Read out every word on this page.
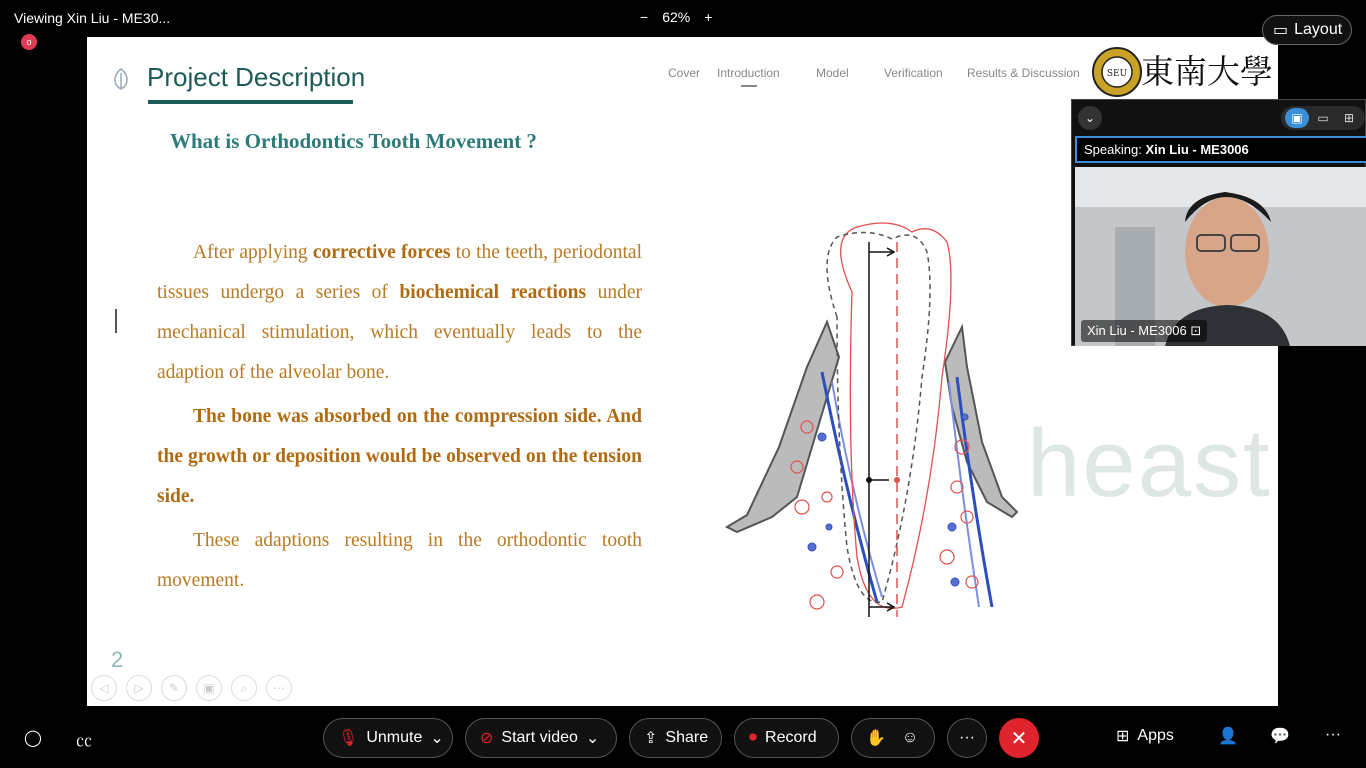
Viewing Xin Liu - ME30...	− 62% +
o
▭ Layout
Project Description	Cover Introduction	Model	Verification Results & Discussion	SEU 東南大學
What is Orthodontics Tooth Movement ?

After applying corrective forces to the teeth, periodontal tissues undergo a series of biochemical reactions under mechanical stimulation, which eventually leads to the adaption of the alveolar bone.

The bone was absorbed on the compression side. And the growth or deposition would be observed on the tension side.

These adaptions resulting in the orthodontic tooth movement.

heast
2
◁	▷	✎	▣	⌕	⋯
⌄	▣	▭	⊞
Speaking: Xin Liu - ME3006
Xin Liu - ME3006 ⊡
◯ ㏄	🎙 Unmute ⌄ ⊘ Start video ⌄	⇪ Share	⏺ Record	✋ ☺	···	✕	⊞ Apps	👤 💬 ···
